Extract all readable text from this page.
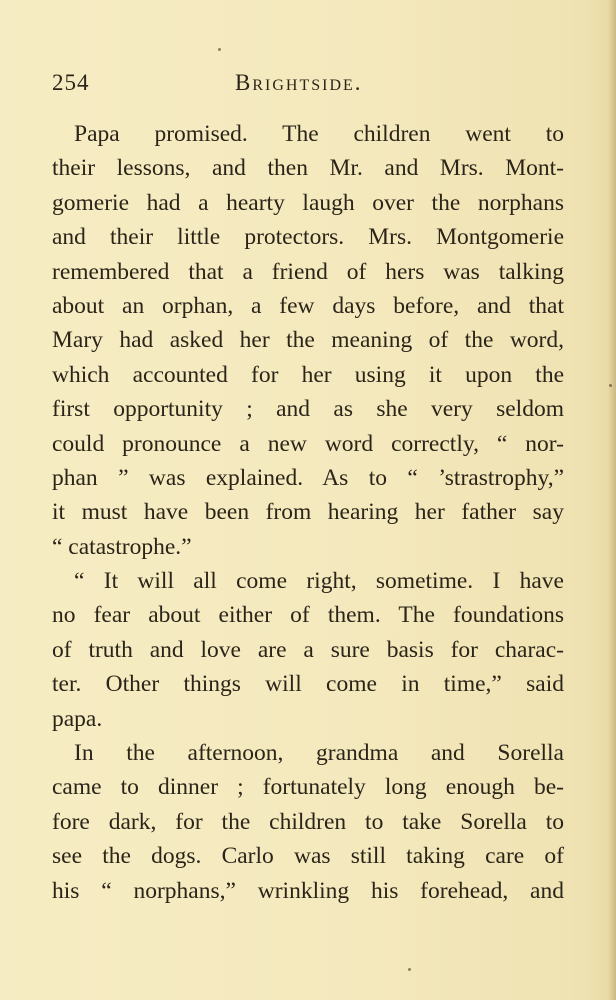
254	Brightside.
Papa promised. The children went to
their lessons, and then Mr. and Mrs. Mont-
gomerie had a hearty laugh over the norphans
and their little protectors. Mrs. Montgomerie
remembered that a friend of hers was talking
about an orphan, a few days before, and that
Mary had asked her the meaning of the word,
which accounted for her using it upon the
first opportunity ; and as she very seldom
could pronounce a new word correctly, “ nor-
phan ” was explained. As to “ ’strastrophy,”
it must have been from hearing her father say
“ catastrophe.”
“ It will all come right, sometime. I have
no fear about either of them. The foundations
of truth and love are a sure basis for charac-
ter. Other things will come in time,” said
papa.
In the afternoon, grandma and Sorella
came to dinner ; fortunately long enough be-
fore dark, for the children to take Sorella to
see the dogs. Carlo was still taking care of
his “ norphans,” wrinkling his forehead, and
